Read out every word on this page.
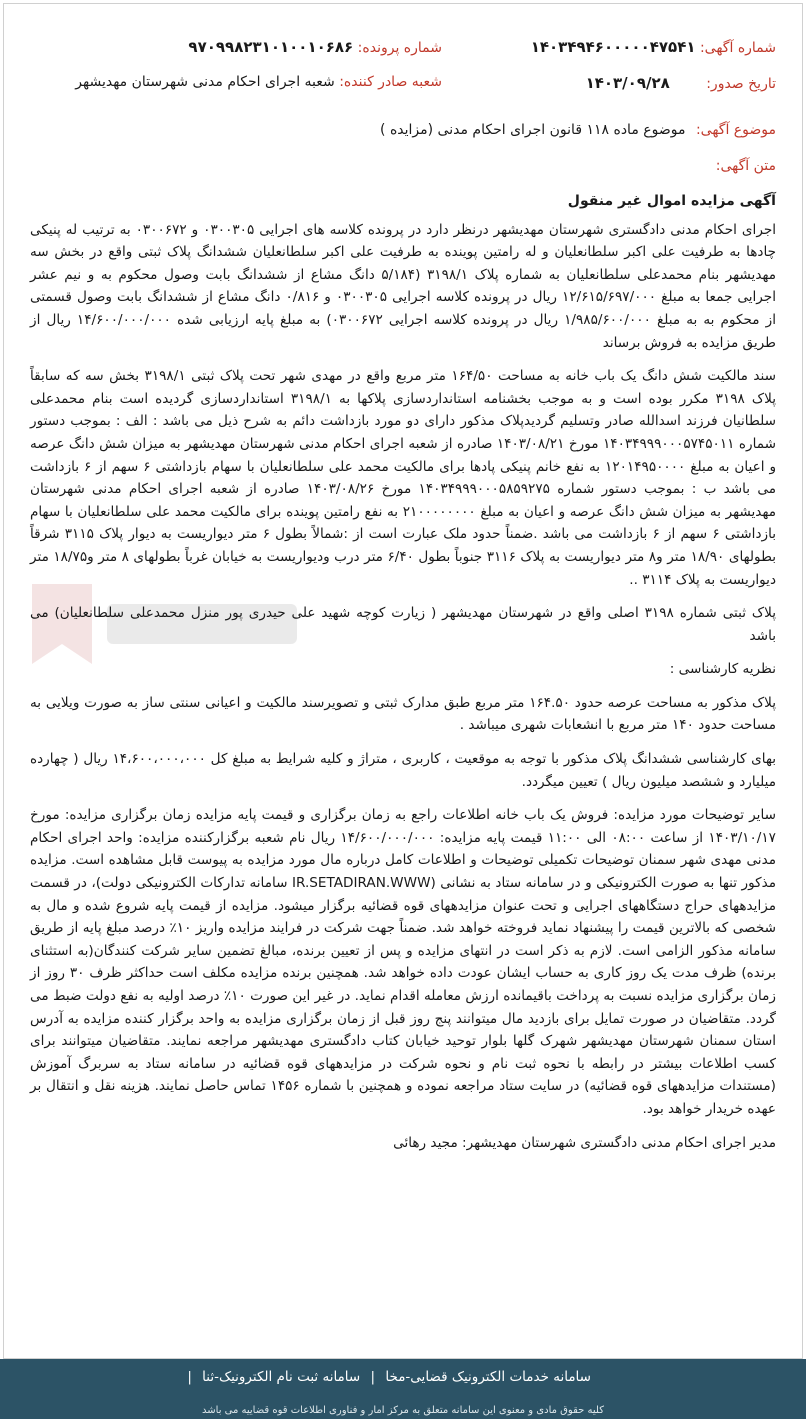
شماره آگهی: ۱۴۰۳۴۹۴۶۰۰۰۰۰۴۷۵۴۱
شماره پرونده: ۹۷۰۹۹۸۲۳۱۰۱۰۰۱۰۶۸۶
تاریخ صدور: ۱۴۰۳/۰۹/۲۸
شعبه صادر کننده: شعبه اجرای احکام مدنی شهرستان مهدیشهر
موضوع آگهی: موضوع ماده ۱۱۸ قانون اجرای احکام مدنی (مزایده )
متن آگهی:

آگهی مزایده اموال غیر منقول

اجرای احکام مدنی دادگستری شهرستان مهدیشهر درنظر دارد در پرونده کلاسه های اجرایی ۰۳۰۰۳۰۵ و ۰۳۰۰۶۷۲ به ترتیب له پنیکی چادها به طرفیت علی اکبر سلطانعلیان و له رامتین پوینده به طرفیت علی اکبر سلطانعلیان ششدانگ پلاک ثبتی واقع در بخش سه مهدیشهر بنام محمدعلی سلطانعلیان به شماره پلاک ۳۱۹۸/۱ (۵/۱۸۴ دانگ مشاع از ششدانگ بابت وصول محکوم به و نیم عشر اجرایی جمعا به مبلغ ۱۲/۶۱۵/۶۹۷/۰۰۰ ریال در پرونده کلاسه اجرایی ۰۳۰۰۳۰۵ و ۰/۸۱۶ دانگ مشاع از ششدانگ بابت وصول قسمتی از محکوم به به مبلغ ۱/۹۸۵/۶۰۰/۰۰۰ ریال در پرونده کلاسه اجرایی ۰۳۰۰۶۷۲) به مبلغ پایه ارزیابی شده ۱۴/۶۰۰/۰۰۰/۰۰۰ ریال از طریق مزایده به فروش برساند

سند مالکیت شش دانگ یک باب خانه به مساحت ۱۶۴/۵۰ متر مربع واقع در مهدی شهر تحت پلاک ثبتی ۳۱۹۸/۱ بخش سه که سابقاً پلاک ۳۱۹۸ مکرر بوده است و به موجب بخشنامه استانداردسازی پلاکها به ۳۱۹۸/۱ استانداردسازی گردیده است بنام محمدعلی سلطانیان فرزند اسدالله صادر وتسلیم گردیدپلاک مذکور دارای دو مورد بازداشت دائم به شرح ذیل می باشد : الف : بموجب دستور شماره ۱۴۰۳۴۹۹۹۰۰۰۵۷۴۵۰۱۱ مورخ ۱۴۰۳/۰۸/۲۱ صادره از شعبه اجرای احکام مدنی شهرستان مهدیشهر به میزان شش دانگ عرصه و اعیان به مبلغ ۱۲۰۱۴۹۵۰۰۰۰ به نفع خانم پنیکی پادها برای مالکیت محمد علی سلطانعلیان با سهام بازداشتی ۶ سهم از ۶ بازداشت می باشد ب : بموجب دستور شماره ۱۴۰۳۴۹۹۹۰۰۰۵۸۵۹۲۷۵ مورخ ۱۴۰۳/۰۸/۲۶ صادره از شعبه اجرای احکام مدنی شهرستان مهدیشهر به میزان شش دانگ عرصه و اعیان به مبلغ ۲۱۰۰۰۰۰۰۰۰ به نفع رامتین پوینده برای مالکیت محمد علی سلطانعلیان با سهام بازداشتی ۶ سهم از ۶ بازداشت می باشد .ضمناً حدود ملک عبارت است از :شمالاً بطول ۶ متر دیواریست به دیوار پلاک ۳۱۱۵ شرقاً بطولهای ۱۸/۹۰ متر و۸ متر دیواریست به پلاک ۳۱۱۶ جنوباً بطول ۶/۴۰ متر درب ودیواریست به خیابان غرباً بطولهای ۸ متر و۱۸/۷۵ متر دیواریست به پلاک ۳۱۱۴ ..

پلاک ثبتی شماره ۳۱۹۸ اصلی واقع در شهرستان مهدیشهر ( زیارت کوچه شهید علی حیدری پور منزل محمدعلی سلطانعلیان) می باشد

نظریه کارشناسی :

پلاک مذکور به مساحت عرصه حدود ۱۶۴.۵۰ متر مربع طبق مدارک ثبتی و تصویرسند مالکیت و اعیانی سنتی ساز به صورت ویلایی به مساحت حدود ۱۴۰ متر مربع با انشعابات شهری میباشد .

بهای کارشناسی ششدانگ پلاک مذکور با توجه به موقعیت ، کاربری ، متراژ و کلیه شرایط به مبلغ کل ۱۴،۶۰۰،۰۰۰،۰۰۰ ریال ( چهارده میلیارد و ششصد میلیون ریال ) تعیین میگردد.

سایر توضیحات مورد مزایده: فروش یک باب خانه اطلاعات راجع به زمان برگزاری و قیمت پایه مزایده زمان برگزاری مزایده: مورخ ۱۴۰۳/۱۰/۱۷ از ساعت ۰۸:۰۰ الی ۱۱:۰۰ قیمت پایه مزایده: ۱۴/۶۰۰/۰۰۰/۰۰۰ ریال نام شعبه برگزارکننده مزایده: واحد اجرای احکام مدنی مهدی شهر سمنان توضیحات تکمیلی توضیحات و اطلاعات کامل درباره مال مورد مزایده به پیوست قابل مشاهده است. مزایده مذکور تنها به صورت الکترونیکی و در سامانه ستاد به نشانی (IR.SETADIRAN.WWW سامانه تدارکات الکترونیکی دولت)، در قسمت مزایدههای حراج دستگاههای اجرایی و تحت عنوان مزایدههای قوه قضائیه برگزار میشود. مزایده از قیمت پایه شروع شده و مال به شخصی که بالاترین قیمت را پیشنهاد نماید فروخته خواهد شد. ضمناً جهت شرکت در فرایند مزایده واریز ۱۰٪ درصد مبلغ پایه از طریق سامانه مذکور الزامی است. لازم به ذکر است در انتهای مزایده و پس از تعیین برنده، مبالغ تضمین سایر شرکت کنندگان(به استثنای برنده) ظرف مدت یک روز کاری به حساب ایشان عودت داده خواهد شد. همچنین برنده مزایده مکلف است حداکثر ظرف ۳۰ روز از زمان برگزاری مزایده نسبت به پرداخت باقیمانده ارزش معامله اقدام نماید. در غیر این صورت ۱۰٪ درصد اولیه به نفع دولت ضبط می گردد. متقاضیان در صورت تمایل برای بازدید مال میتوانند پنج روز قبل از زمان برگزاری مزایده به واحد برگزار کننده مزایده به آدرس استان سمنان شهرستان مهدیشهر شهرک گلها بلوار توحید خیابان کتاب دادگستری مهدیشهر مراجعه نمایند. متقاضیان میتوانند برای کسب اطلاعات بیشتر در رابطه با نحوه ثبت نام و نحوه شرکت در مزایدههای قوه قضائیه در سامانه ستاد به سربرگ آموزش (مستندات مزایدههای قوه قضائیه) در سایت ستاد مراجعه نموده و همچنین با شماره ۱۴۵۶ تماس حاصل نمایند. هزینه نقل و انتقال بر عهده خریدار خواهد بود.

مدیر اجرای احکام مدنی دادگستری شهرستان مهدیشهر: مجید رهائی

سامانه خدمات الکترونیک قضایی-مخا | سامانه ثبت نام الکترونیک-ثنا |
کلیه حقوق مادی و معنوی این سامانه متعلق به مرکز آمار و فناوری اطلاعات قوه قضاییه می باشد
